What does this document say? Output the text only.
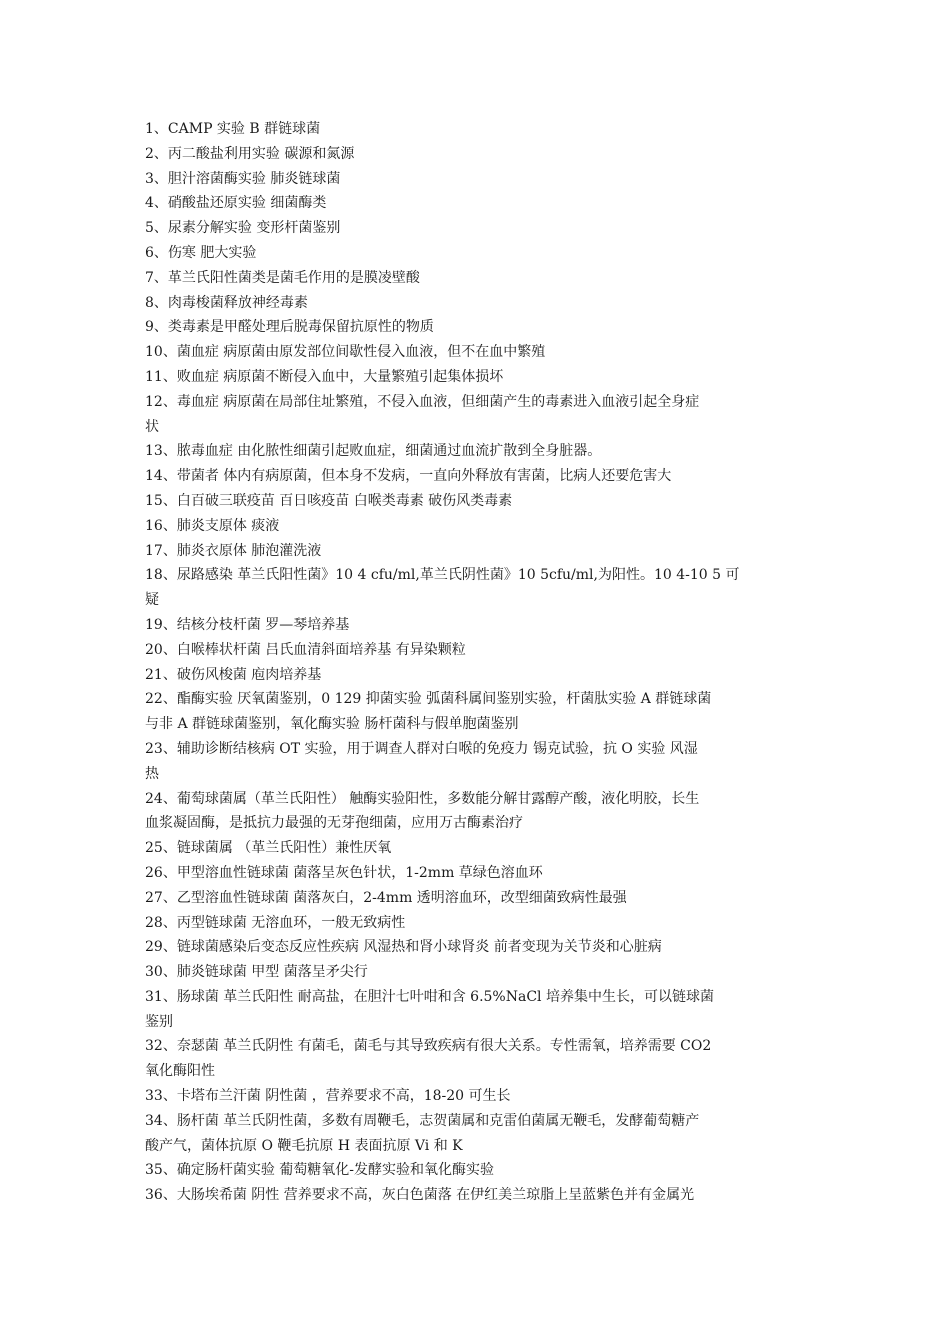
1、CAMP 实验 B 群链球菌
2、丙二酸盐利用实验 碳源和氮源
3、胆汁溶菌酶实验 肺炎链球菌
4、硝酸盐还原实验 细菌酶类
5、尿素分解实验 变形杆菌鉴别
6、伤寒 肥大实验
7、革兰氏阳性菌类是菌毛作用的是膜凌壁酸
8、肉毒梭菌释放神经毒素
9、类毒素是甲醛处理后脱毒保留抗原性的物质
10、菌血症 病原菌由原发部位间歇性侵入血液，但不在血中繁殖
11、败血症 病原菌不断侵入血中，大量繁殖引起集体损坏
12、毒血症 病原菌在局部住址繁殖，不侵入血液，但细菌产生的毒素进入血液引起全身症
状
13、脓毒血症 由化脓性细菌引起败血症，细菌通过血流扩散到全身脏器。
14、带菌者 体内有病原菌，但本身不发病，一直向外释放有害菌，比病人还要危害大
15、白百破三联疫苗 百日咳疫苗 白喉类毒素 破伤风类毒素
16、肺炎支原体 痰液
17、肺炎衣原体 肺泡灌洗液
18、尿路感染 革兰氏阳性菌》10 4 cfu/ml,革兰氏阴性菌》10 5cfu/ml,为阳性。10 4-10 5 可
疑
19、结核分枝杆菌 罗—琴培养基
20、白喉棒状杆菌 吕氏血清斜面培养基 有异染颗粒
21、破伤风梭菌 庖肉培养基
22、酯酶实验 厌氧菌鉴别，0 129 抑菌实验 弧菌科属间鉴别实验，杆菌肽实验 A 群链球菌
与非 A 群链球菌鉴别，氧化酶实验 肠杆菌科与假单胞菌鉴别
23、辅助诊断结核病 OT 实验，用于调查人群对白喉的免疫力 锡克试验，抗 O 实验 风湿
热
24、葡萄球菌属（革兰氏阳性） 触酶实验阳性，多数能分解甘露醇产酸，液化明胶，长生
血浆凝固酶，是抵抗力最强的无芽孢细菌，应用万古酶素治疗
25、链球菌属 （革兰氏阳性）兼性厌氧
26、甲型溶血性链球菌 菌落呈灰色针状，1-2mm 草绿色溶血环
27、乙型溶血性链球菌 菌落灰白，2-4mm 透明溶血环，改型细菌致病性最强
28、丙型链球菌 无溶血环，一般无致病性
29、链球菌感染后变态反应性疾病 风湿热和肾小球肾炎 前者变现为关节炎和心脏病
30、肺炎链球菌 甲型 菌落呈矛尖行
31、肠球菌 革兰氏阳性 耐高盐，在胆汁七叶咁和含 6.5%NaCl 培养集中生长，可以链球菌
鉴别
32、奈瑟菌 革兰氏阴性 有菌毛，菌毛与其导致疾病有很大关系。专性需氧，培养需要 CO2
氧化酶阳性
33、卡塔布兰汗菌 阴性菌 ，营养要求不高，18-20 可生长
34、肠杆菌 革兰氏阴性菌，多数有周鞭毛，志贺菌属和克雷伯菌属无鞭毛，发酵葡萄糖产
酸产气，菌体抗原 O 鞭毛抗原 H 表面抗原 Vi 和 K
35、确定肠杆菌实验 葡萄糖氧化-发酵实验和氧化酶实验
36、大肠埃希菌 阴性 营养要求不高，灰白色菌落 在伊红美兰琼脂上呈蓝紫色并有金属光
